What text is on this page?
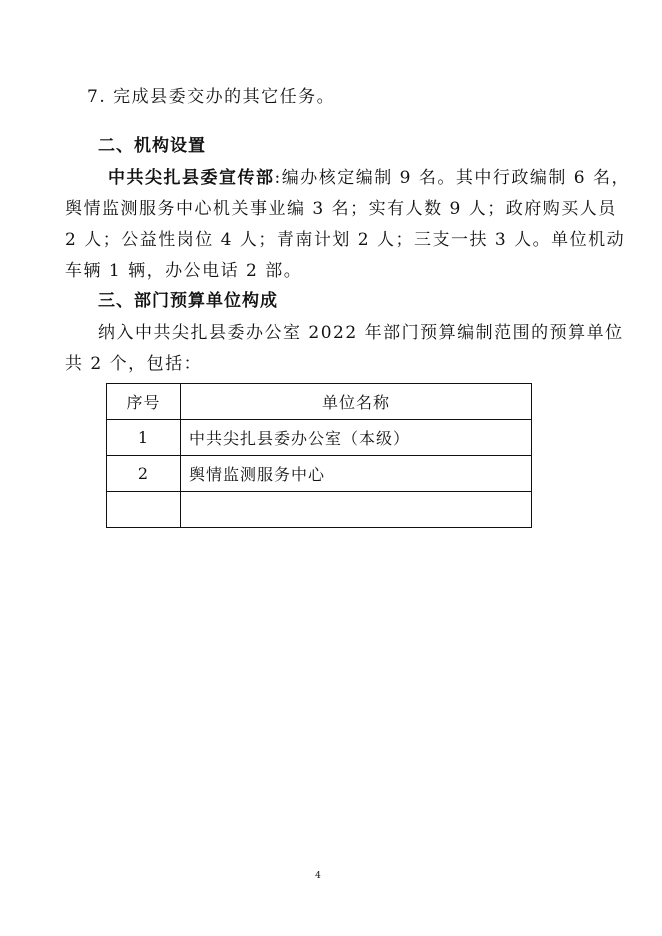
7. 完成县委交办的其它任务。
二、机构设置
中共尖扎县委宣传部:编办核定编制 9 名。其中行政编制 6 名，
舆情监测服务中心机关事业编 3 名；实有人数 9 人；政府购买人员
2 人；公益性岗位 4 人；青南计划 2 人；三支一扶 3 人。单位机动
车辆 1 辆，办公电话 2 部。
三、部门预算单位构成
纳入中共尖扎县委办公室 2022 年部门预算编制范围的预算单位
共 2 个，包括：
序号	单位名称
1	中共尖扎县委办公室（本级）
2	舆情监测服务中心

4
